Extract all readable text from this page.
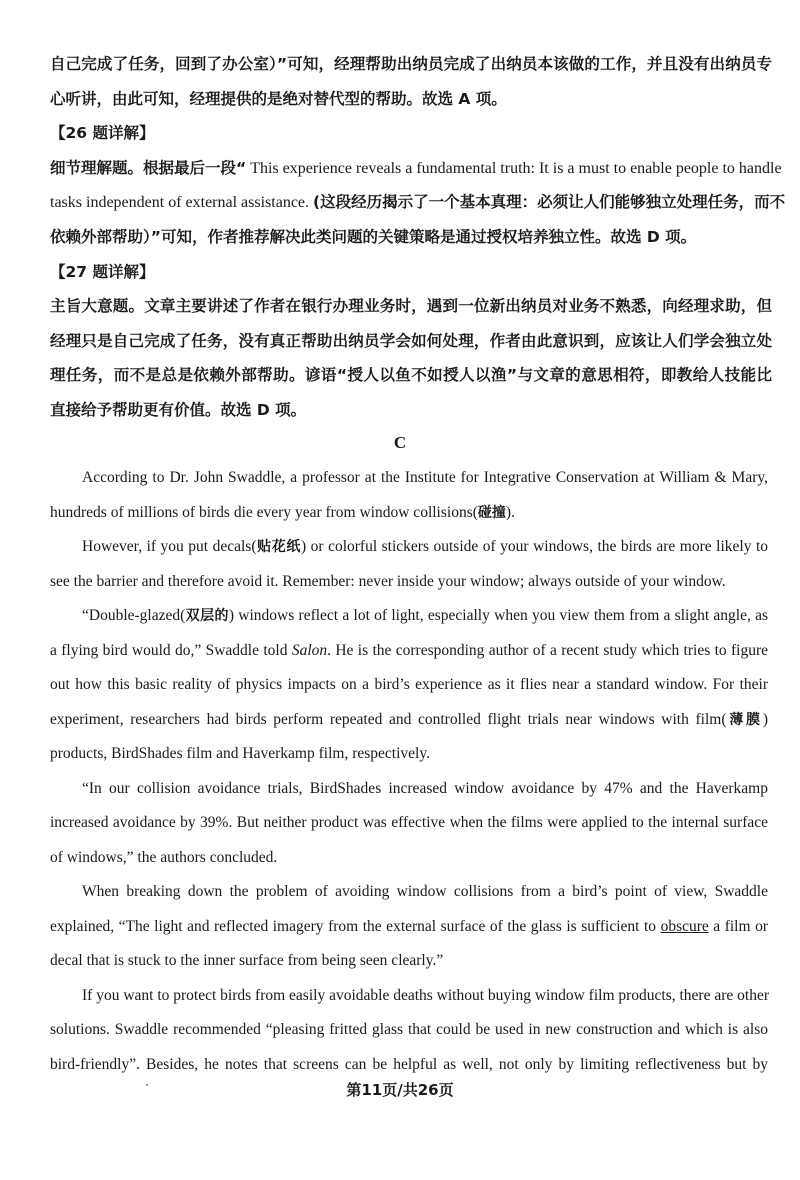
自己完成了任务，回到了办公室）”可知，经理帮助出纳员完成了出纳员本该做的工作，并且没有出纳员专
心听讲，由此可知，经理提供的是绝对替代型的帮助。故选 A 项。
【26 题详解】
细节理解题。根据最后一段“ This experience reveals a fundamental truth: It is a must to enable people to handle
tasks independent of external assistance. (这段经历揭示了一个基本真理：必须让人们能够独立处理任务，而不
依赖外部帮助）”可知，作者推荐解决此类问题的关键策略是通过授权培养独立性。故选 D 项。
【27 题详解】
主旨大意题。文章主要讲述了作者在银行办理业务时，遇到一位新出纳员对业务不熟悉，向经理求助，但
经理只是自己完成了任务，没有真正帮助出纳员学会如何处理，作者由此意识到，应该让人们学会独立处
理任务，而不是总是依赖外部帮助。谚语“授人以鱼不如授人以渔”与文章的意思相符，即教给人技能比
直接给予帮助更有价值。故选 D 项。
C
According to Dr. John Swaddle, a professor at the Institute for Integrative Conservation at William & Mary,
hundreds of millions of birds die every year from window collisions(碰撞).
However, if you put decals(贴花纸) or colorful stickers outside of your windows, the birds are more likely to
see the barrier and therefore avoid it. Remember: never inside your window; always outside of your window.
“Double-glazed(双层的) windows reflect a lot of light, especially when you view them from a slight angle, as
a flying bird would do,” Swaddle told Salon. He is the corresponding author of a recent study which tries to figure
out how this basic reality of physics impacts on a bird’s experience as it flies near a standard window. For their
experiment, researchers had birds perform repeated and controlled flight trials near windows with film(薄膜)
products, BirdShades film and Haverkamp film, respectively.
“In our collision avoidance trials, BirdShades increased window avoidance by 47% and the Haverkamp
increased avoidance by 39%. But neither product was effective when the films were applied to the internal surface
of windows,” the authors concluded.
When breaking down the problem of avoiding window collisions from a bird’s point of view, Swaddle
explained, “The light and reflected imagery from the external surface of the glass is sufficient to obscure a film or
decal that is stuck to the inner surface from being seen clearly.”
If you want to protect birds from easily avoidable deaths without buying window film products, there are other
solutions. Swaddle recommended “pleasing fritted glass that could be used in new construction and which is also
bird-friendly”. Besides, he notes that screens can be helpful as well, not only by limiting reflectiveness but by
第11页/共26页
